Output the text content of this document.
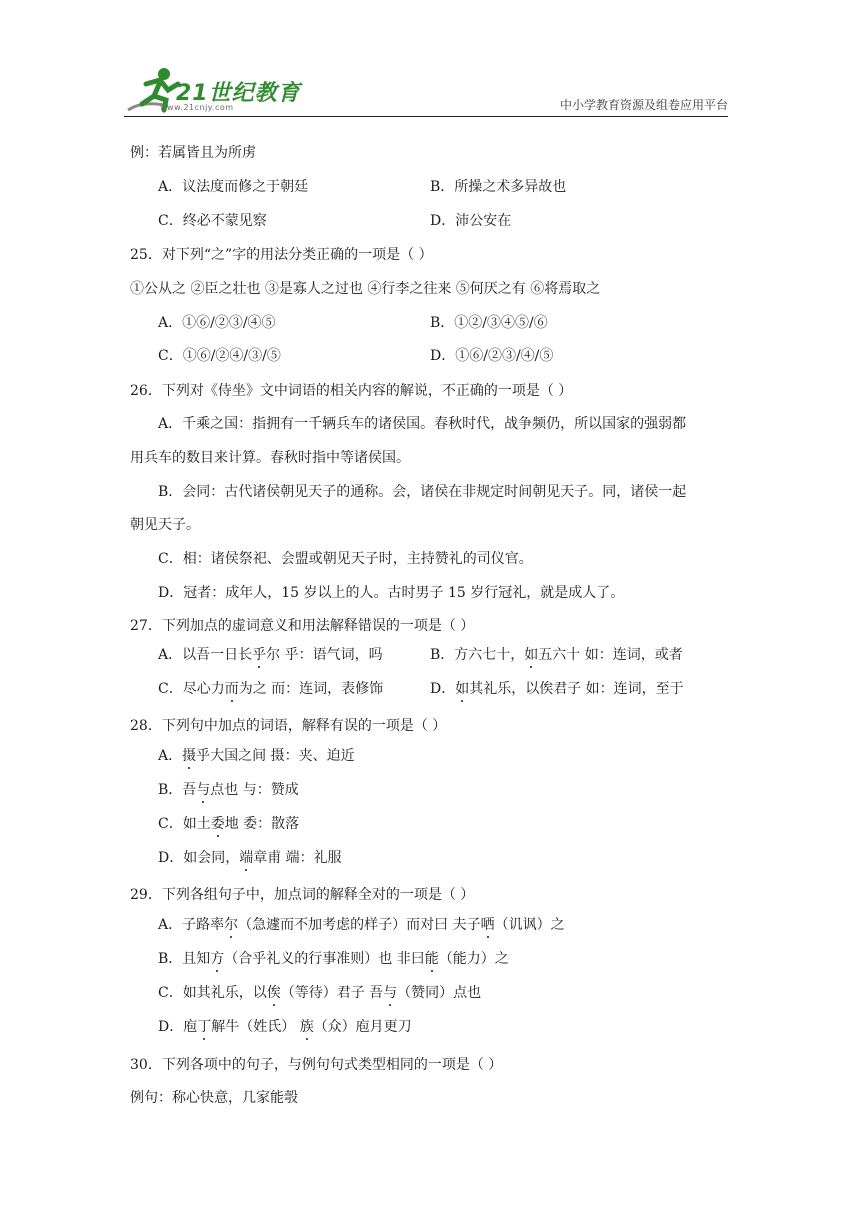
21世纪教育
www.21cnjy.com	中小学教育资源及组卷应用平台
例：若属皆且为所虏
A．议法度而修之于朝廷	B．所操之术多异故也
C．终必不蒙见察	D．沛公安在
25．对下列“之”字的用法分类正确的一项是（ ）
①公从之 ②臣之壮也 ③是寡人之过也 ④行李之往来 ⑤何厌之有 ⑥将焉取之
A．①⑥/②③/④⑤	B．①②/③④⑤/⑥
C．①⑥/②④/③/⑤	D．①⑥/②③/④/⑤
26．下列对《侍坐》文中词语的相关内容的解说，不正确的一项是（ ）
A．千乘之国：指拥有一千辆兵车的诸侯国。春秋时代，战争频仍，所以国家的强弱都
用兵车的数目来计算。春秋时指中等诸侯国。
B．会同：古代诸侯朝见天子的通称。会，诸侯在非规定时间朝见天子。同，诸侯一起
朝见天子。
C．相：诸侯祭祀、会盟或朝见天子时，主持赞礼的司仪官。
D．冠者：成年人，15 岁以上的人。古时男子 15 岁行冠礼，就是成人了。
27．下列加点的虚词意义和用法解释错误的一项是（ ）
A．以吾一日长乎尔 乎：语气词，吗	B．方六七十，如五六十 如：连词，或者
C．尽心力而为之 而：连词，表修饰	D．如其礼乐，以俟君子 如：连词，至于
28．下列句中加点的词语，解释有误的一项是（ ）
A．摄乎大国之间 摄：夹、迫近
B．吾与点也 与：赞成
C．如土委地 委：散落
D．如会同，端章甫 端：礼服
29．下列各组句子中，加点词的解释全对的一项是（ ）
A．子路率尔（急遽而不加考虑的样子）而对曰 夫子哂（讥讽）之
B．且知方（合乎礼义的行事准则）也 非曰能（能力）之
C．如其礼乐，以俟（等待）君子 吾与（赞同）点也
D．庖丁解牛（姓氏） 族（众）庖月更刀
30．下列各项中的句子，与例句句式类型相同的一项是（ ）
例句：称心快意，几家能彀
